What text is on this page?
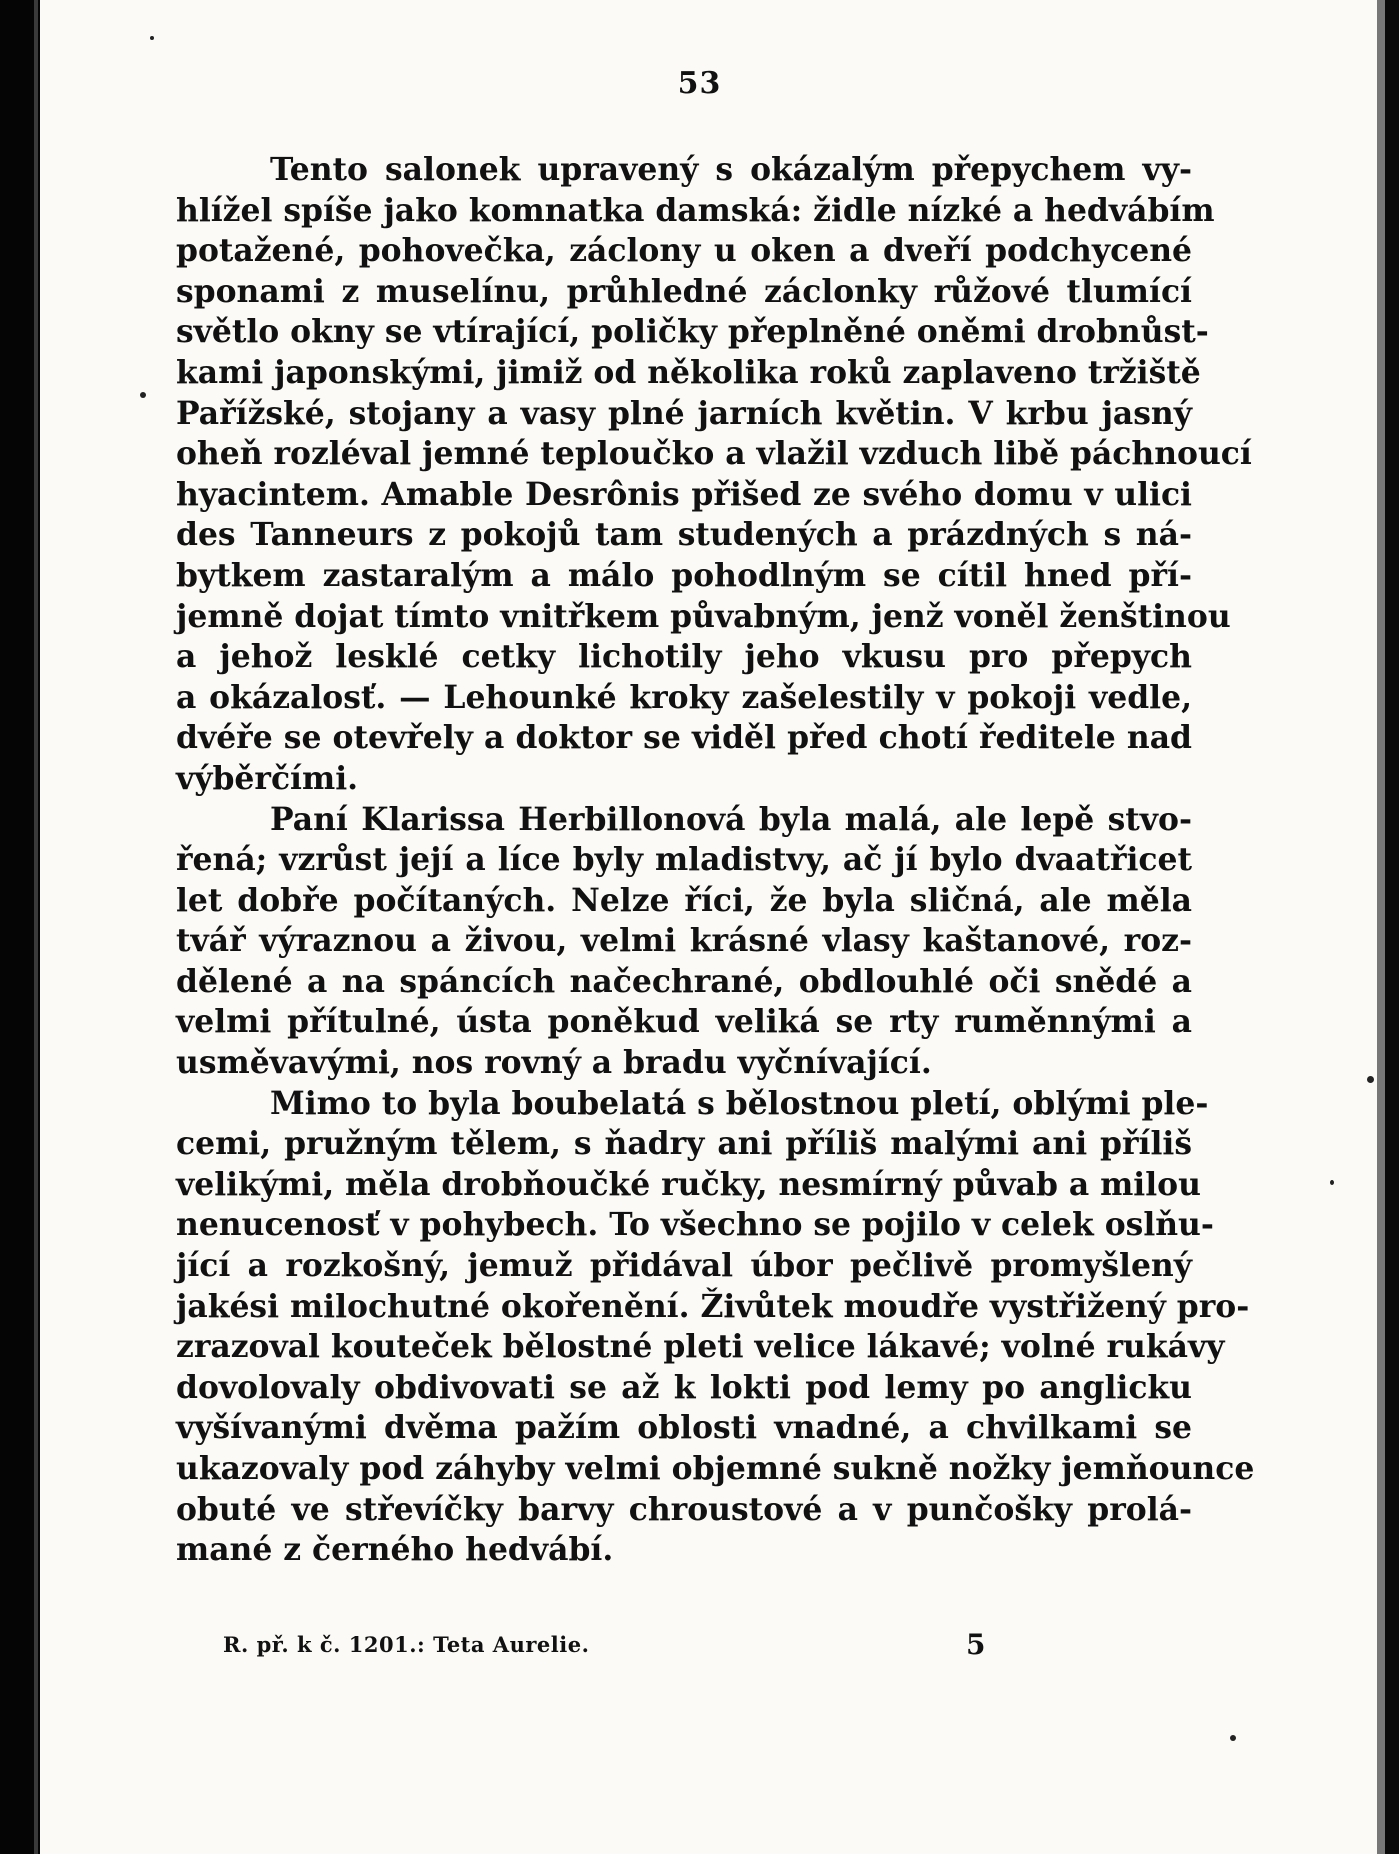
53
Tento salonek upravený s okázalým přepychem vy-
hlížel spíše jako komnatka damská: židle nízké a hedvábím
potažené, pohovečka, záclony u oken a dveří podchycené
sponami z muselínu, průhledné záclonky růžové tlumící
světlo okny se vtírající, poličky přeplněné oněmi drobnůst-
kami japonskými, jimiž od několika roků zaplaveno tržiště
Pařížské, stojany a vasy plné jarních květin. V krbu jasný
oheň rozléval jemné teploučko a vlažil vzduch libě páchnoucí
hyacintem. Amable Desrônis přišed ze svého domu v ulici
des Tanneurs z pokojů tam studených a prázdných s ná-
bytkem zastaralým a málo pohodlným se cítil hned pří-
jemně dojat tímto vnitřkem půvabným, jenž voněl ženštinou
a jehož lesklé cetky lichotily jeho vkusu pro přepych
a okázalosť. — Lehounké kroky zašelestily v pokoji vedle,
dvéře se otevřely a doktor se viděl před chotí ředitele nad
výběrčími.
Paní Klarissa Herbillonová byla malá, ale lepě stvo-
řená; vzrůst její a líce byly mladistvy, ač jí bylo dvaatřicet
let dobře počítaných. Nelze říci, že byla sličná, ale měla
tvář výraznou a živou, velmi krásné vlasy kaštanové, roz-
dělené a na spáncích načechrané, obdlouhlé oči snědé a
velmi přítulné, ústa poněkud veliká se rty ruměnnými a
usměvavými, nos rovný a bradu vyčnívající.
Mimo to byla boubelatá s bělostnou pletí, oblými ple-
cemi, pružným tělem, s ňadry ani příliš malými ani příliš
velikými, měla drobňoučké ručky, nesmírný půvab a milou
nenucenosť v pohybech. To všechno se pojilo v celek oslňu-
jící a rozkošný, jemuž přidával úbor pečlivě promyšlený
jakési milochutné okořenění. Živůtek moudře vystřižený pro-
zrazoval koutеček bělostné pleti velice lákavé; volné rukávy
dovolovaly obdivovati se až k lokti pod lemy po anglicku
vyšívanými dvěma pažím oblosti vnadné, a chvilkami se
ukazovaly pod záhyby velmi objemné sukně nožky jemňounce
obuté ve střevíčky barvy chroustové a v punčošky prolá-
mané z černého hedvábí.
R. př. k č. 1201.: Teta Aurelie.	5
